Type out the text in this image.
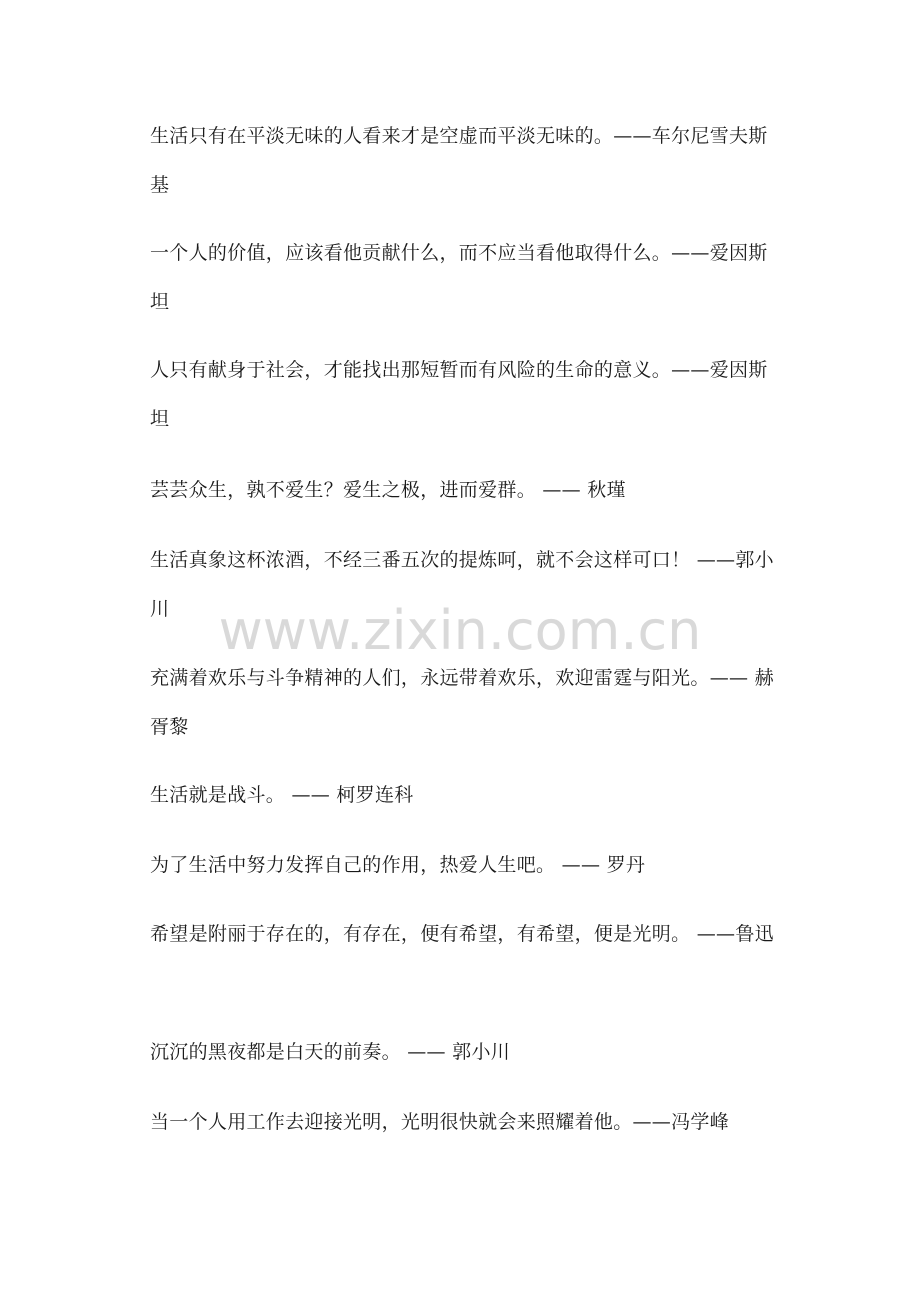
生活只有在平淡无味的人看来才是空虚而平淡无味的。——车尔尼雪夫斯基

一个人的价值，应该看他贡献什么，而不应当看他取得什么。——爱因斯坦

人只有献身于社会，才能找出那短暂而有风险的生命的意义。——爱因斯坦

芸芸众生，孰不爱生？爱生之极，进而爱群。 —— 秋瑾

生活真象这杯浓酒，不经三番五次的提炼呵，就不会这样可口！ ——郭小川

充满着欢乐与斗争精神的人们，永远带着欢乐，欢迎雷霆与阳光。—— 赫胥黎

生活就是战斗。 —— 柯罗连科

为了生活中努力发挥自己的作用，热爱人生吧。 —— 罗丹

希望是附丽于存在的，有存在，便有希望，有希望，便是光明。 ——鲁迅

沉沉的黑夜都是白天的前奏。 —— 郭小川

当一个人用工作去迎接光明，光明很快就会来照耀着他。——冯学峰

www.zixin.com.cn
